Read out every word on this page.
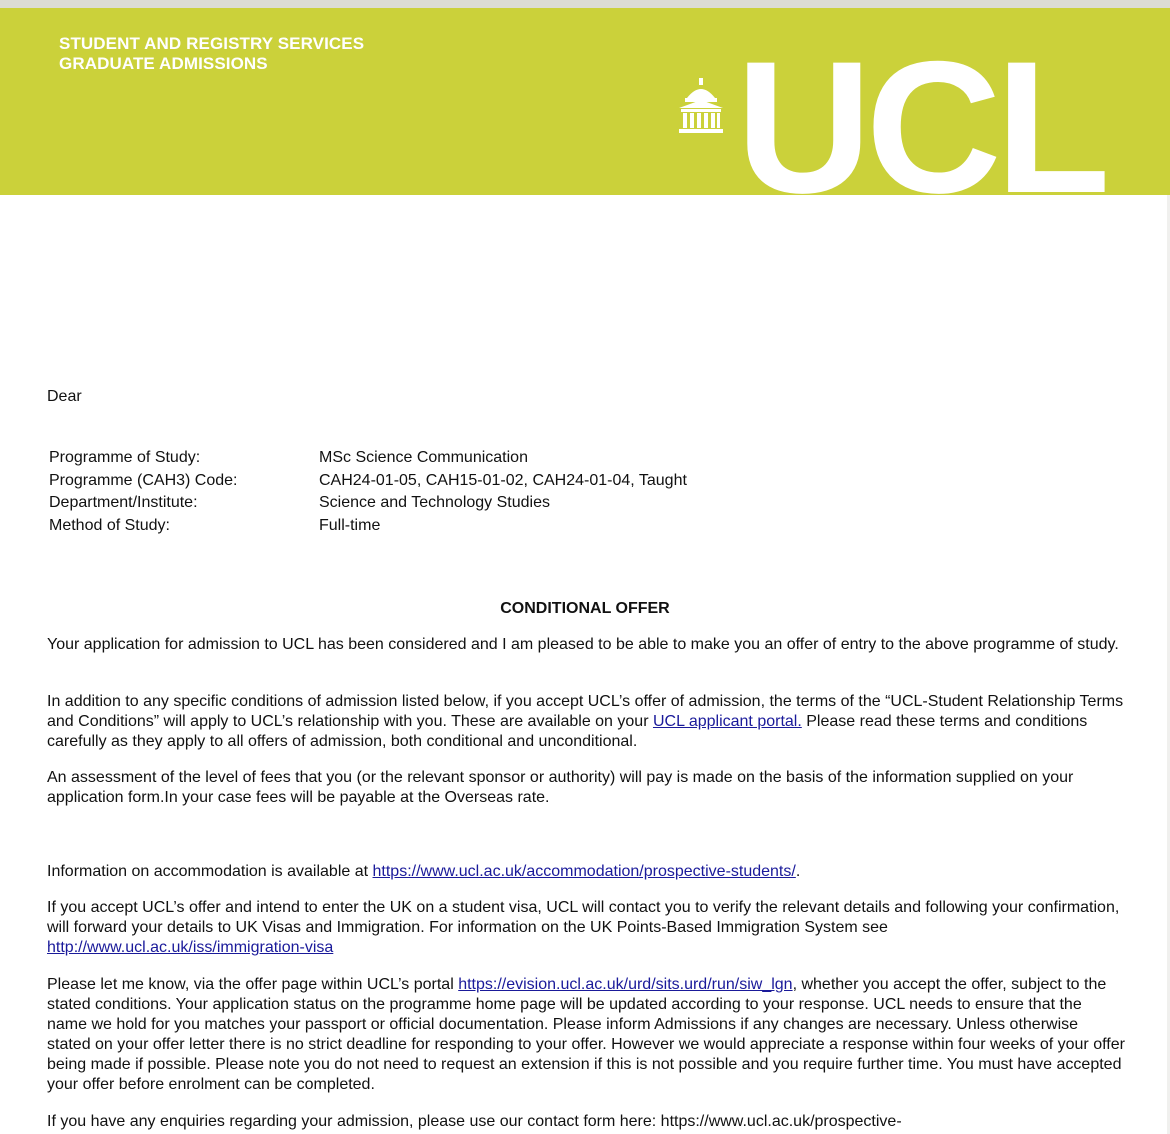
STUDENT AND REGISTRY SERVICES
GRADUATE ADMISSIONS	UCL
Dear
Programme of Study:	MSc Science Communication
Programme (CAH3) Code:	CAH24-01-05, CAH15-01-02, CAH24-01-04, Taught
Department/Institute:	Science and Technology Studies
Method of Study:	Full-time
CONDITIONAL OFFER

Your application for admission to UCL has been considered and I am pleased to be able to make you an offer of entry to the above programme of study.

In addition to any specific conditions of admission listed below, if you accept UCL’s offer of admission, the terms of the “UCL-Student Relationship Terms and Conditions” will apply to UCL’s relationship with you. These are available on your UCL applicant portal. Please read these terms and conditions carefully as they apply to all offers of admission, both conditional and unconditional.

An assessment of the level of fees that you (or the relevant sponsor or authority) will pay is made on the basis of the information supplied on your application form.In your case fees will be payable at the Overseas rate.

Information on accommodation is available at https://www.ucl.ac.uk/accommodation/prospective-students/.

If you accept UCL’s offer and intend to enter the UK on a student visa, UCL will contact you to verify the relevant details and following your confirmation, will forward your details to UK Visas and Immigration. For information on the UK Points-Based Immigration System see http://www.ucl.ac.uk/iss/immigration-visa

Please let me know, via the offer page within UCL’s portal https://evision.ucl.ac.uk/urd/sits.urd/run/siw_lgn, whether you accept the offer, subject to the stated conditions. Your application status on the programme home page will be updated according to your response. UCL needs to ensure that the name we hold for you matches your passport or official documentation. Please inform Admissions if any changes are necessary. Unless otherwise stated on your offer letter there is no strict deadline for responding to your offer. However we would appreciate a response within four weeks of your offer being made if possible. Please note you do not need to request an extension if this is not possible and you require further time. You must have accepted your offer before enrolment can be completed.

If you have any enquiries regarding your admission, please use our contact form here: https://www.ucl.ac.uk/prospective-
